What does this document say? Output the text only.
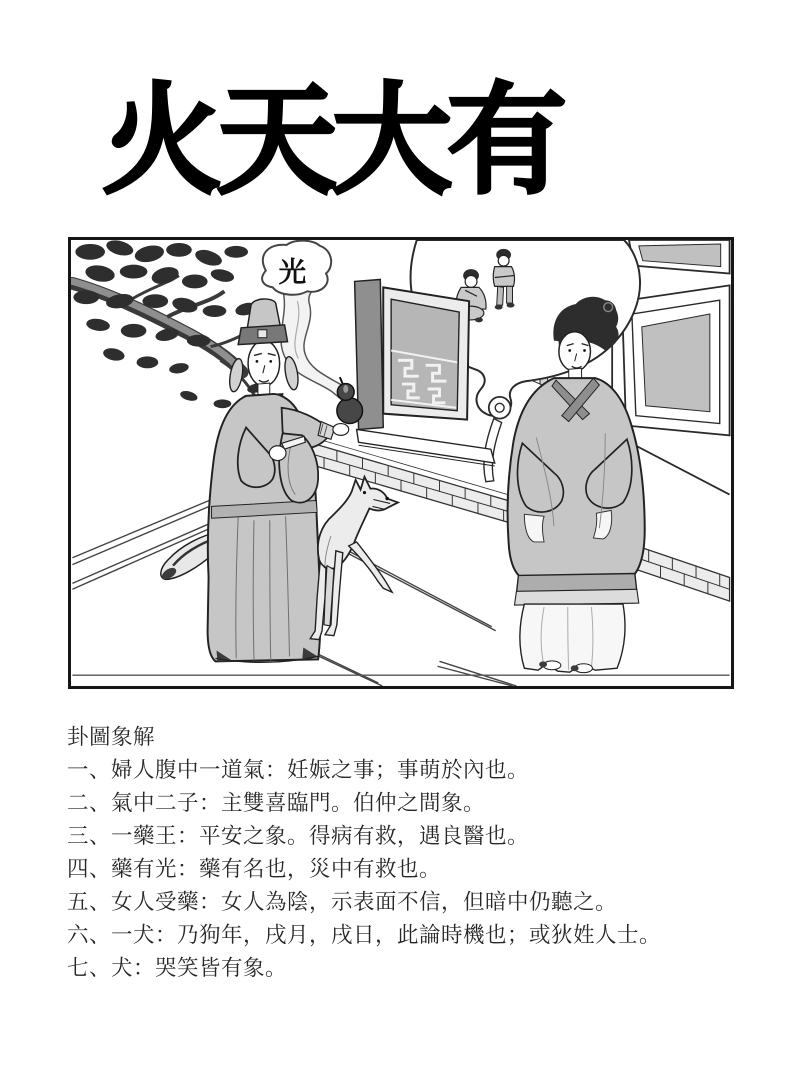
火天大有
光
卦圖象解
一、婦人腹中一道氣：妊娠之事；事萌於內也。
二、氣中二子：主雙喜臨門。伯仲之間象。
三、一藥王：平安之象。得病有救，遇良醫也。
四、藥有光：藥有名也，災中有救也。
五、女人受藥：女人為陰，示表面不信，但暗中仍聽之。
六、一犬：乃狗年，戌月，戌日，此論時機也；或狄姓人士。
七、犬：哭笑皆有象。
